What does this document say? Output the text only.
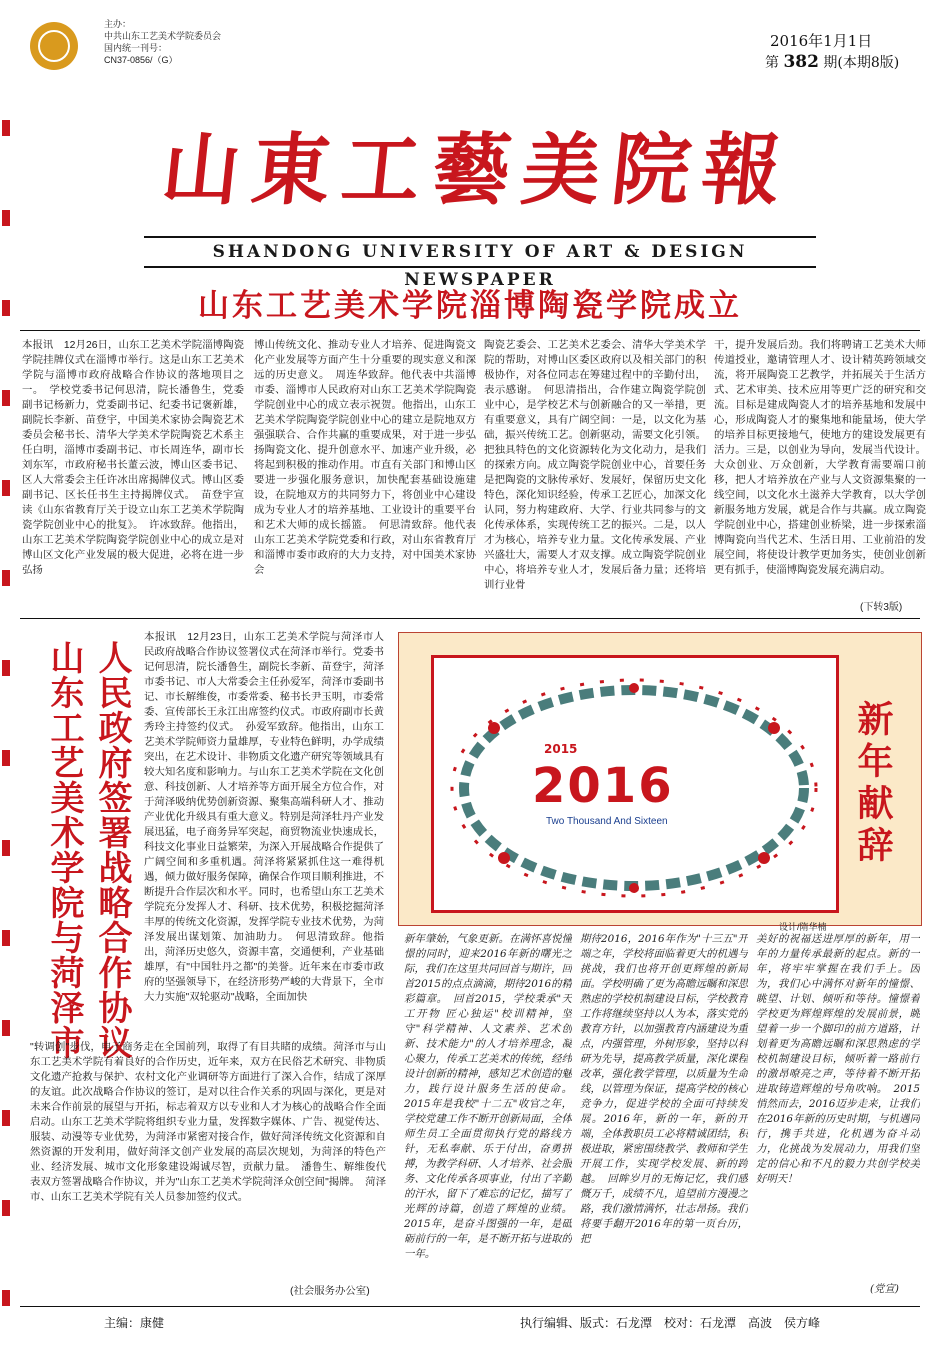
主办：
中共山东工艺美术学院委员会
国内统一刊号：
CN37-0856/（G）
2016年1月1日
第 382 期(本期8版)
山東工藝美院報
SHANDONG UNIVERSITY OF ART & DESIGN NEWSPAPER
山东工艺美术学院淄博陶瓷学院成立
本报讯　12月26日，山东工艺美术学院淄博陶瓷学院挂牌仪式在淄博市举行。这是山东工艺美术学院与淄博市政府战略合作协议的落地项目之一。　学校党委书记何思清，院长潘鲁生，党委副书记杨新力，党委副书记、纪委书记褒新雄，副院长李新、苗登宇，中国美术家协会陶瓷艺术委员会秘书长、清华大学美术学院陶瓷艺术系主任白明，淄博市委副书记、市长周连华，副市长刘东军，市政府秘书长董云波，博山区委书记、区人大常委会主任许冰出席揭牌仪式。博山区委副书记、区长任书生主持揭牌仪式。　苗登宇宣读《山东省教育厅关于设立山东工艺美术学院陶瓷学院创业中心的批复》。　许冰致辞。他指出，山东工艺美术学院陶瓷学院创业中心的成立是对博山区文化产业发展的极大促进，必将在进一步弘扬
博山传统文化、推动专业人才培养、促进陶瓷文化产业发展等方面产生十分重要的现实意义和深远的历史意义。　周连华致辞。他代表中共淄博市委、淄博市人民政府对山东工艺美术学院陶瓷学院创业中心的成立表示祝贺。他指出，山东工艺美术学院陶瓷学院创业中心的建立是院地双方强强联合、合作共赢的重要成果，对于进一步弘扬陶瓷文化、提升创意水平、加速产业升级，必将起到积极的推动作用。市直有关部门和博山区要进一步强化服务意识，加快配套基础设施建设，在院地双方的共同努力下，将创业中心建设成为专业人才的培养基地、工业设计的重要平台和艺术大师的成长摇篮。　何思清致辞。他代表山东工艺美术学院党委和行政，对山东省教育厅和淄博市委市政府的大力支持，对中国美术家协会
陶瓷艺委会、工艺美术艺委会、清华大学美术学院的帮助，对博山区委区政府以及相关部门的积极协作，对各位同志在筹建过程中的辛勤付出，表示感谢。　何思清指出，合作建立陶瓷学院创业中心，是学校艺术与创新融合的又一举措，更有重要意义，具有广阔空间：一是，以文化为基础，振兴传统工艺。创新驱动，需要文化引领。把独具特色的文化资源转化为文化动力，是我们的探索方向。成立陶瓷学院创业中心，首要任务是把陶瓷的文脉传承好、发展好，保留历史文化特色，深化知识经验，传承工艺匠心，加深文化认同，努力构建政府、大学、行业共同参与的文化传承体系，实现传统工艺的振兴。二是，以人才为核心，培养专业力量。文化传承发展、产业兴盛壮大，需要人才双支撑。成立陶瓷学院创业中心，将培养专业人才，发展后备力量；还将培训行业骨
干，提升发展后劲。我们将聘请工艺美术大师传道授业，邀请管理人才、设计精英跨领域交流，将开展陶瓷工艺教学，并拓展关于生活方式、艺术审美、技术应用等更广泛的研究和交流。目标是建成陶瓷人才的培养基地和发展中心，形成陶瓷人才的聚集地和能量场，使大学的培养目标更接地气，使地方的建设发展更有活力。三是，以创业为导向，发展当代设计。大众创业、万众创新，大学教育需要端口前移，把人才培养放在产业与人文资源集聚的一线空间，以文化水土滋养大学教育，以大学创新服务地方发展，就是合作与共赢。成立陶瓷学院创业中心，搭建创业桥梁，进一步探索淄博陶瓷向当代艺术、生活日用、工业前沿的发展空间，将使设计教学更加务实，使创业创新更有抓手，使淄博陶瓷发展充满启动。
(下转3版)
人民政府签署战略合作协议
山东工艺美术学院与菏泽市
本报讯　12月23日，山东工艺美术学院与菏泽市人民政府战略合作协议签署仪式在菏泽市举行。党委书记何思清，院长潘鲁生，副院长李新、苗登宇，菏泽市委书记、市人大常委会主任孙爱军，菏泽市委副书记、市长解维俊，市委常委、秘书长尹玉明，市委常委、宣传部长王永江出席签约仪式。市政府副市长黄秀玲主持签约仪式。　孙爱军致辞。他指出，山东工艺美术学院师资力量雄厚，专业特色鲜明，办学成绩突出，在艺术设计、非物质文化遗产研究等领域具有较大知名度和影响力。与山东工艺美术学院在文化创意、科技创新、人才培养等方面开展全方位合作，对于菏泽吸纳优势创新资源、聚集高端科研人才、推动产业优化升级具有重大意义。特别是菏泽牡丹产业发展迅猛，电子商务异军突起，商贸物流业快速成长，科技文化事业日益繁荣，为深入开展战略合作提供了广阔空间和多重机遇。菏泽将紧紧抓住这一难得机遇，倾力做好服务保障，确保合作项目顺利推进，不断提升合作层次和水平。同时，也希望山东工艺美术学院充分发挥人才、科研、技术优势，积极挖掘菏泽丰厚的传统文化资源，发挥学院专业技术优势，为菏泽发展出谋划策、加油助力。　何思清致辞。他指出，菏泽历史悠久，资源丰富，交通便利，产业基础雄厚，有"中国牡丹之都"的美誉。近年来在市委市政府的坚强领导下，在经济形势严峻的大背景下，全市大力实施"双轮驱动"战略，全面加快
"转调创"步伐，电子商务走在全国前列，取得了有目共睹的成绩。菏泽市与山东工艺美术学院有着良好的合作历史，近年来，双方在民俗艺术研究、非物质文化遗产抢救与保护、农村文化产业调研等方面进行了深入合作，结成了深厚的友谊。此次战略合作协议的签订，是对以往合作关系的巩固与深化，更是对未来合作前景的展望与开拓，标志着双方以专业和人才为核心的战略合作全面启动。山东工艺美术学院将组织专业力量，发挥数字媒体、广告、视觉传达、服装、动漫等专业优势，为菏泽市紧密对接合作，做好菏泽传统文化资源和自然资源的开发利用，做好菏泽文创产业发展的高层次规划，为菏泽的特色产业、经济发展、城市文化形象建设竭诚尽智，贡献力量。　潘鲁生、解维俊代表双方签署战略合作协议，并为"山东工艺美术学院菏泽众创空间"揭牌。　菏泽市、山东工艺美术学院有关人员参加签约仪式。
(社会服务办公室)
2015
2016
Two Thousand And Sixteen
设计/隋华楠
新年献辞
新年肇始，气象更新。在满怀喜悦憧憬的同时，迎来2016年新的曙光之际，我们在这里共同回首与期许，回首2015的点点滴滴，期待2016的精彩篇章。　回首2015，学校秉承"天工开物 匠心独运"校训精神，坚守"科学精神、人文素养、艺术创新、技术能力"的人才培养理念，凝心聚力，传承工艺美术的传统，经纬设计创新的精神，感知艺术创造的魅力，践行设计服务生活的使命。2015年是我校"十二五"收官之年，学校党建工作不断开创新局面，全体师生员工全面贯彻执行党的路线方针，无私奉献、乐于付出，奋勇拼搏，为教学科研、人才培养、社会服务、文化传承各项事业，付出了辛勤的汗水，留下了难忘的记忆，描写了光辉的诗篇，创造了辉煌的业绩。2015年，是奋斗图强的一年，是砥砺前行的一年，是不断开拓与进取的一年。
期待2016，2016年作为"十三五"开端之年，学校将面临着更大的机遇与挑战，我们也将开创更辉煌的新局面。学校明确了更为高瞻远瞩和深思熟虑的学校机制建设目标，学校教育工作将继续坚持以人为本，落实党的教育方针，以加强教育内涵建设为重点，内强管理，外树形象，坚持以科研为先导，提高教学质量，深化课程改革，强化教学管理，以质量为生命线，以管理为保证，提高学校的核心竞争力，促进学校的全面可持续发展。2016年，新的一年，新的开端，全体教职员工必将精诚团结，积极进取，紧密围绕教学、教师和学生开展工作，实现学校发展、新的跨越。　回眸岁月的无悔记忆，我们感慨万千，成绩不凡，追望前方漫漫之路，我们激情满怀，壮志昂扬。我们将要手翻开2016年的第一页台历，把
美好的祝福送进厚厚的新年，用一年的力量传承最新的起点。新的一年，将牢牢掌握在我们手上。因为，我们心中满怀对新年的憧憬、眺望、计划、倾听和等待。憧憬着学校更为辉煌辉煌的发展前景，眺望着一步一个脚印的前方道路，计划着更为高瞻远瞩和深思熟虑的学校机制建设目标，倾听着一路前行的激昂嘹亮之声，等待着不断开拓进取铸造辉煌的号角吹响。　2015悄然而去，2016迈步走来，让我们在2016年新的历史时期，与机遇同行，携手共进，化机遇为奋斗动力，化挑战为发展动力，用我们坚定的信心和不凡的毅力共创学校美好明天！
(党宣)
主编：康健	执行编辑、版式：石龙潭　校对：石龙潭　高波　侯方峰
